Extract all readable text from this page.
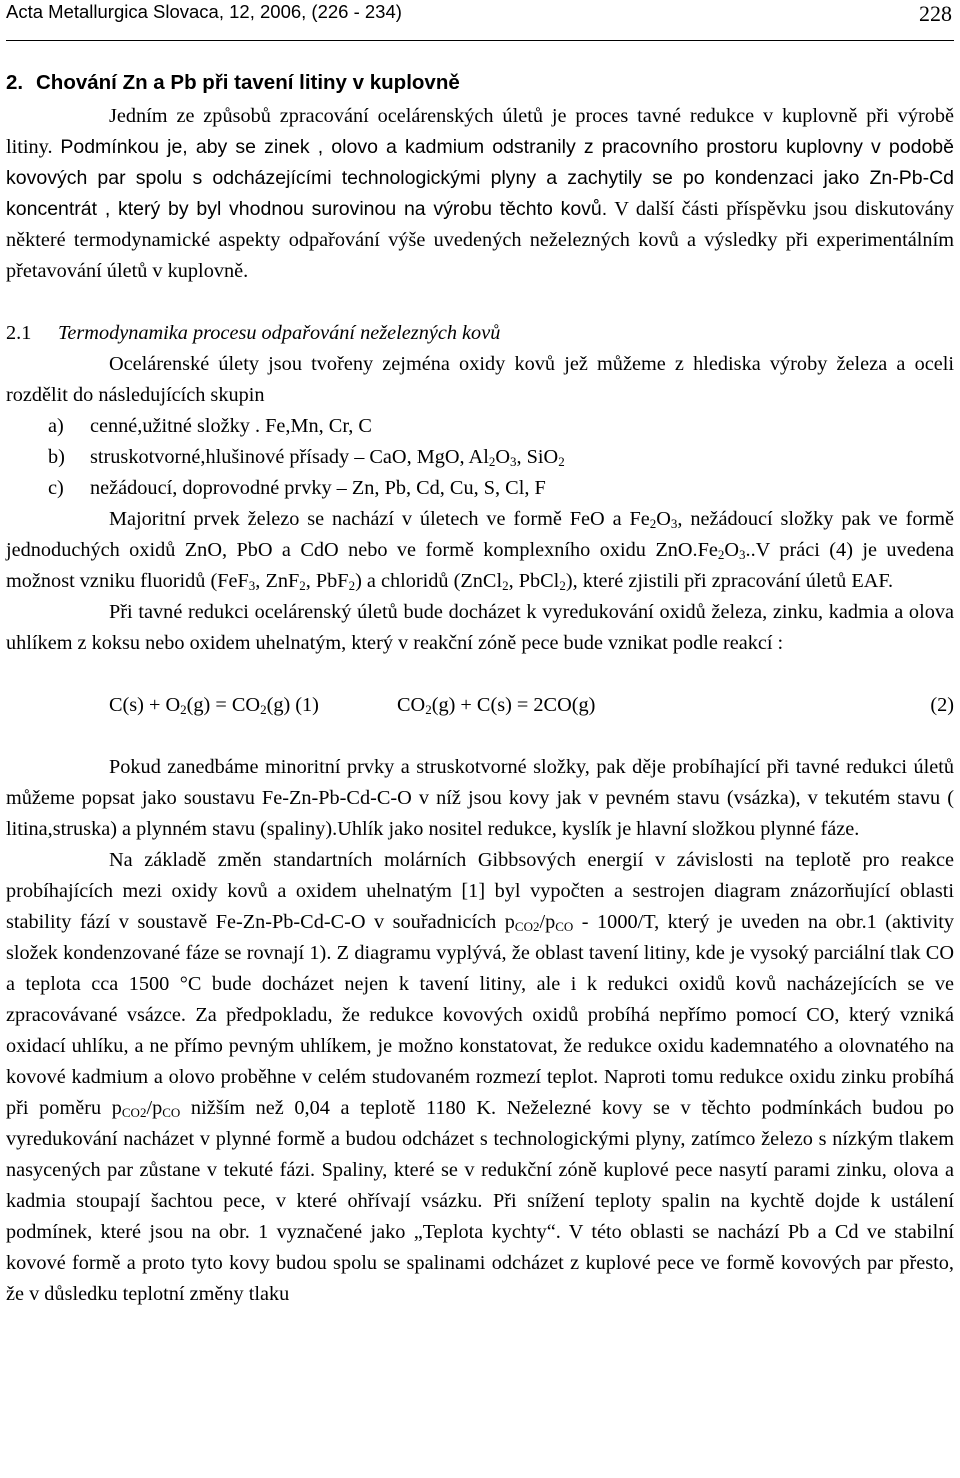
Acta Metallurgica Slovaca, 12, 2006, (226 - 234)	228
2. Chování Zn a Pb při tavení litiny v kuplovně

Jedním ze způsobů zpracování ocelárenských úletů je proces tavné redukce v kuplovně při výrobě litiny. Podmínkou je, aby se zinek , olovo a kadmium odstranily z pracovního prostoru kuplovny v podobě kovových par spolu s odcházejícími technologickými plyny a zachytily se po kondenzaci jako Zn-Pb-Cd koncentrát , který by byl vhodnou surovinou na výrobu těchto kovů. V další části příspěvku jsou diskutovány některé termodynamické aspekty odpařování výše uvedených neželezných kovů a výsledky při experimentálním přetavování úletů v kuplovně.

2.1 Termodynamika procesu odpařování neželezných kovů

Ocelárenské úlety jsou tvořeny zejména oxidy kovů jež můžeme z hlediska výroby železa a oceli rozdělit do následujících skupin

a)	cenné,užitné složky . Fe,Mn, Cr, C
b)	struskotvorné,hlušinové přísady – CaO, MgO, $Al_2O_3$, SiO$_2$
c)	nežádoucí, doprovodné prvky – Zn, Pb, Cd, Cu, S, Cl, F

Majoritní prvek železo se nachází v úletech ve formě FeO a $Fe_2O_3$, nežádoucí složky pak ve formě jednoduchých oxidů ZnO, PbO a CdO nebo ve formě komplexního oxidu $ZnO.Fe_2O_3..V$ práci (4) je uvedena možnost vzniku fluoridů (FeF$_3$, ZnF$_2$, PbF$_2$) a chloridů (ZnCl$_2$, PbCl$_2$), které zjistili při zpracování úletů EAF.

Při tavné redukci ocelárenský úletů bude docházet k vyredukování oxidů železa, zinku, kadmia a olova uhlíkem z koksu nebo oxidem uhelnatým, který v reakční zóně pece bude vznikat podle reakcí :

$C(s) + O_2(g) = CO_2(g)$ (1)	$CO_2(g) + C(s) = 2CO(g)$	(2)

Pokud zanedbáme minoritní prvky a struskotvorné složky, pak děje probíhající při tavné redukci úletů můžeme popsat jako soustavu Fe-Zn-Pb-Cd-C-O v níž jsou kovy jak v pevném stavu (vsázka), v tekutém stavu ( litina,struska) a plynném stavu (spaliny).Uhlík jako nositel redukce, kyslík je hlavní složkou plynné fáze.

Na základě změn standartních molárních Gibbsových energií v závislosti na teplotě pro reakce probíhajících mezi oxidy kovů a oxidem uhelnatým [1] byl vypočten a sestrojen diagram znázorňující oblasti stability fází v soustavě Fe-Zn-Pb-Cd-C-O v souřadnicích $p_{CO2}/p_{CO} - 1000/T$, který je uveden na obr.1 (aktivity složek kondenzované fáze se rovnají 1). Z diagramu vyplývá, že oblast tavení litiny, kde je vysoký parciální tlak CO a teplota cca 1500 °C bude docházet nejen k tavení litiny, ale i k redukci oxidů kovů nacházejících se ve zpracovávané vsázce. Za předpokladu, že redukce kovových oxidů probíhá nepřímo pomocí CO, který vzniká oxidací uhlíku, a ne přímo pevným uhlíkem, je možno konstatovat, že redukce oxidu kademnatého a olovnatého na kovové kadmium a olovo proběhne v celém studovaném rozmezí teplot. Naproti tomu redukce oxidu zinku probíhá při poměru $p_{CO2}/p_{CO}$ nižším než 0,04 a teplotě 1180 K. Neželezné kovy se v těchto podmínkách budou po vyredukování nacházet v plynné formě a budou odcházet s technologickými plyny, zatímco železo s nízkým tlakem nasycených par zůstane v tekuté fázi. Spaliny, které se v redukční zóně kuplové pece nasytí parami zinku, olova a kadmia stoupají šachtou pece, v které ohřívají vsázku. Při snížení teploty spalin na kychtě dojde k ustálení podmínek, které jsou na obr. 1 vyznačené jako „Teplota kychty“. V této oblasti se nachází Pb a Cd ve stabilní kovové formě a proto tyto kovy budou spolu se spalinami odcházet z kuplové pece ve formě kovových par přesto, že v důsledku teplotní změny tlaku
